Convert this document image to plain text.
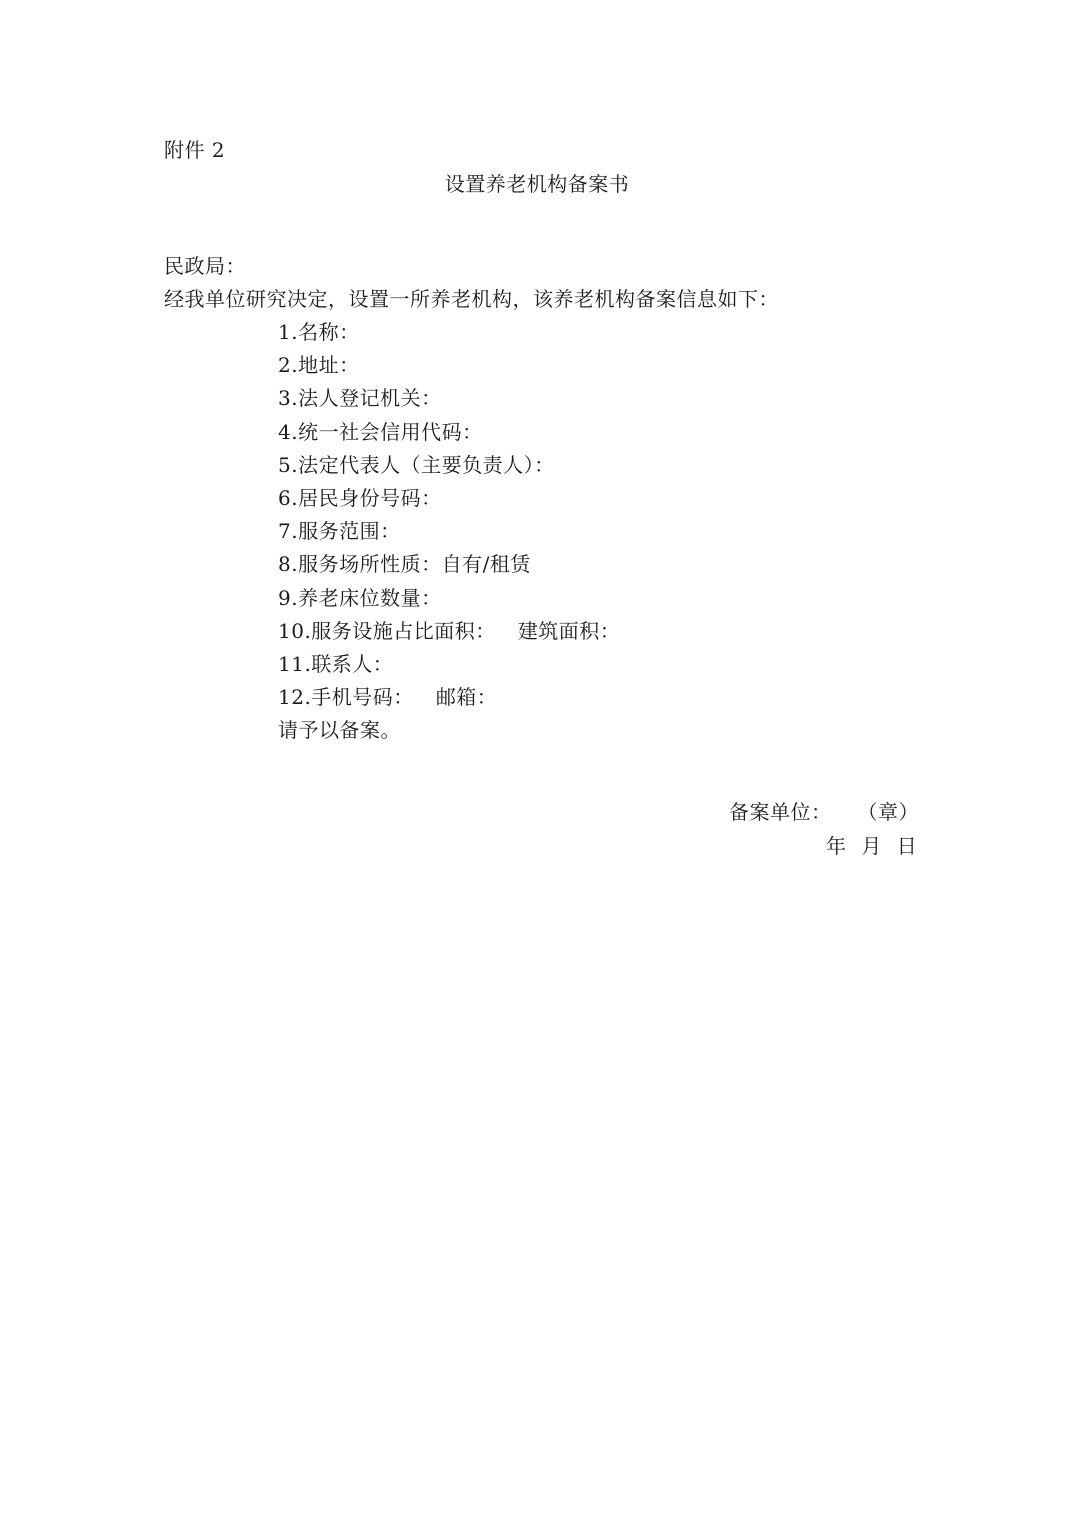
附件 2
设置养老机构备案书
民政局：
经我单位研究决定，设置一所养老机构，该养老机构备案信息如下：
1.名称：
2.地址：
3.法人登记机关：
4.统一社会信用代码：
5.法定代表人（主要负责人）：
6.居民身份号码：
7.服务范围：
8.服务场所性质：自有/租赁
9.养老床位数量：
10.服务设施占比面积： 建筑面积：
11.联系人：
12.手机号码： 邮箱：
请予以备案。
备案单位： （章）
年 月 日
